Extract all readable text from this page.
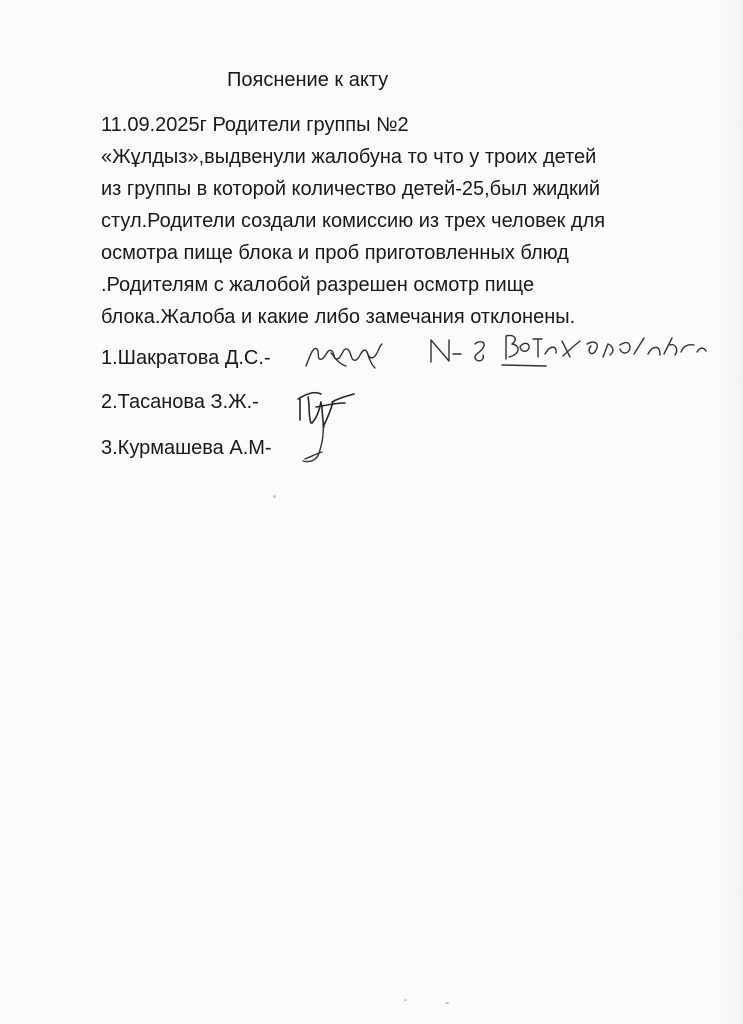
Пояснение к акту
11.09.2025г Родители группы №2
«Жұлдыз»,выдвенули жалобуна то что у троих детей
из группы в которой количество детей-25,был жидкий
стул.Родители создали комиссию из трех человек для
осмотра пище блока и проб приготовленных блюд
.Родителям с жалобой разрешен осмотр пище
блока.Жалоба и какие либо замечания отклонены.
1.Шакратова Д.С.-
2.Тасанова З.Ж.-
3.Курмашева А.М-
